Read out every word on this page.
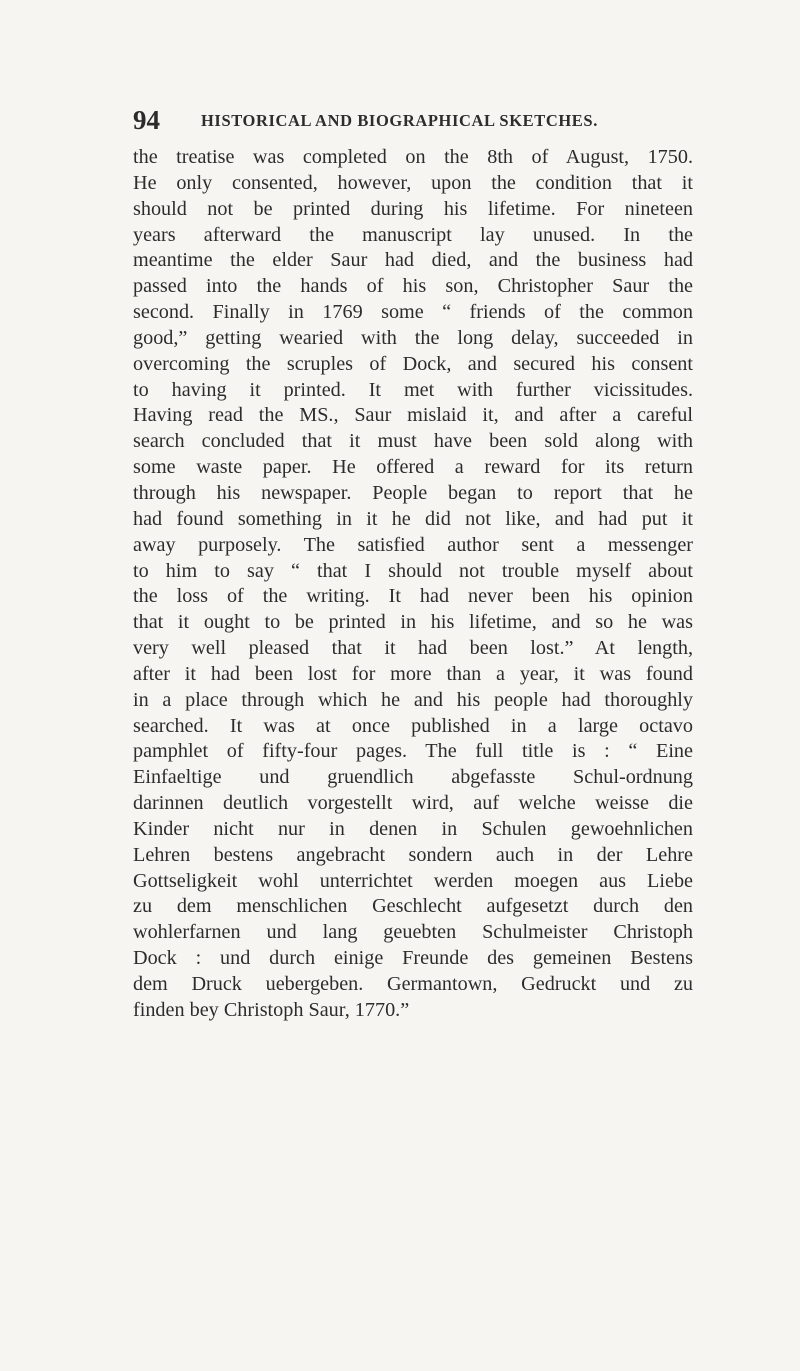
94 HISTORICAL AND BIOGRAPHICAL SKETCHES.
the treatise was completed on the 8th of August, 1750.
He only consented, however, upon the condition that it
should not be printed during his lifetime. For nineteen
years afterward the manuscript lay unused. In the
meantime the elder Saur had died, and the business had
passed into the hands of his son, Christopher Saur the
second. Finally in 1769 some “ friends of the common
good,” getting wearied with the long delay, succeeded in
overcoming the scruples of Dock, and secured his consent
to having it printed. It met with further vicissitudes.
Having read the MS., Saur mislaid it, and after a careful
search concluded that it must have been sold along with
some waste paper. He offered a reward for its return
through his newspaper. People began to report that he
had found something in it he did not like, and had put it
away purposely. The satisfied author sent a messenger
to him to say “ that I should not trouble myself about
the loss of the writing. It had never been his opinion
that it ought to be printed in his lifetime, and so he was
very well pleased that it had been lost.” At length,
after it had been lost for more than a year, it was found
in a place through which he and his people had thoroughly
searched. It was at once published in a large octavo
pamphlet of fifty-four pages. The full title is : “ Eine
Einfaeltige und gruendlich abgefasste Schul-ordnung
darinnen deutlich vorgestellt wird, auf welche weisse die
Kinder nicht nur in denen in Schulen gewoehnlichen
Lehren bestens angebracht sondern auch in der Lehre
Gottseligkeit wohl unterrichtet werden moegen aus Liebe
zu dem menschlichen Geschlecht aufgesetzt durch den
wohlerfarnen und lang geuebten Schulmeister Christoph
Dock : und durch einige Freunde des gemeinen Bestens
dem Druck uebergeben. Germantown, Gedruckt und zu
finden bey Christoph Saur, 1770.”
